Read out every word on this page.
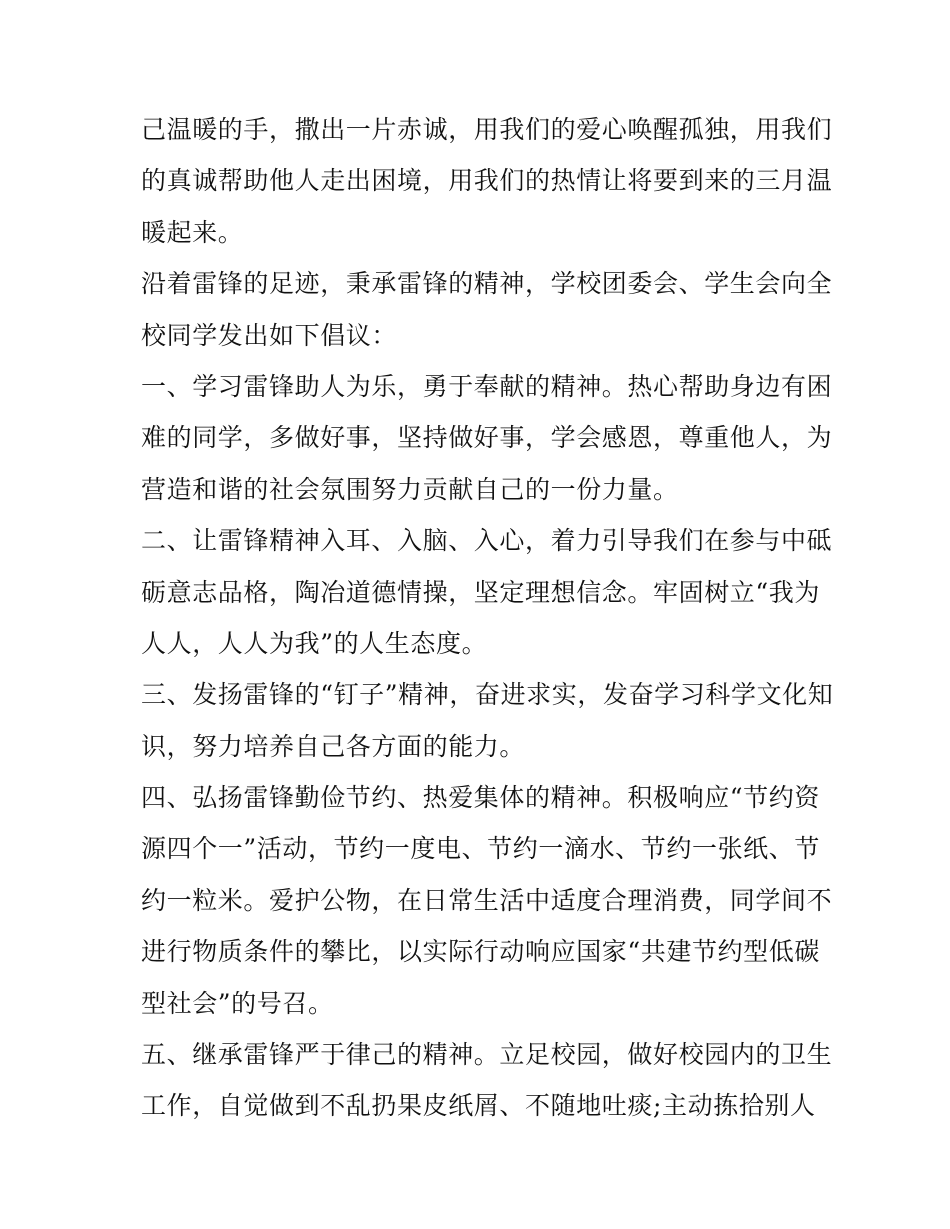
己温暖的手，撒出一片赤诚，用我们的爱心唤醒孤独，用我们
的真诚帮助他人走出困境，用我们的热情让将要到来的三月温
暖起来。
沿着雷锋的足迹，秉承雷锋的精神，学校团委会、学生会向全
校同学发出如下倡议：
一、学习雷锋助人为乐，勇于奉献的精神。热心帮助身边有困
难的同学，多做好事，坚持做好事，学会感恩，尊重他人，为
营造和谐的社会氛围努力贡献自己的一份力量。
二、让雷锋精神入耳、入脑、入心，着力引导我们在参与中砥
砺意志品格，陶冶道德情操，坚定理想信念。牢固树立“我为
人人，人人为我”的人生态度。
三、发扬雷锋的“钉子”精神，奋进求实，发奋学习科学文化知
识，努力培养自己各方面的能力。
四、弘扬雷锋勤俭节约、热爱集体的精神。积极响应“节约资
源四个一”活动，节约一度电、节约一滴水、节约一张纸、节
约一粒米。爱护公物，在日常生活中适度合理消费，同学间不
进行物质条件的攀比，以实际行动响应国家“共建节约型低碳
型社会”的号召。
五、继承雷锋严于律己的精神。立足校园，做好校园内的卫生
工作，自觉做到不乱扔果皮纸屑、不随地吐痰;主动拣拾别人
